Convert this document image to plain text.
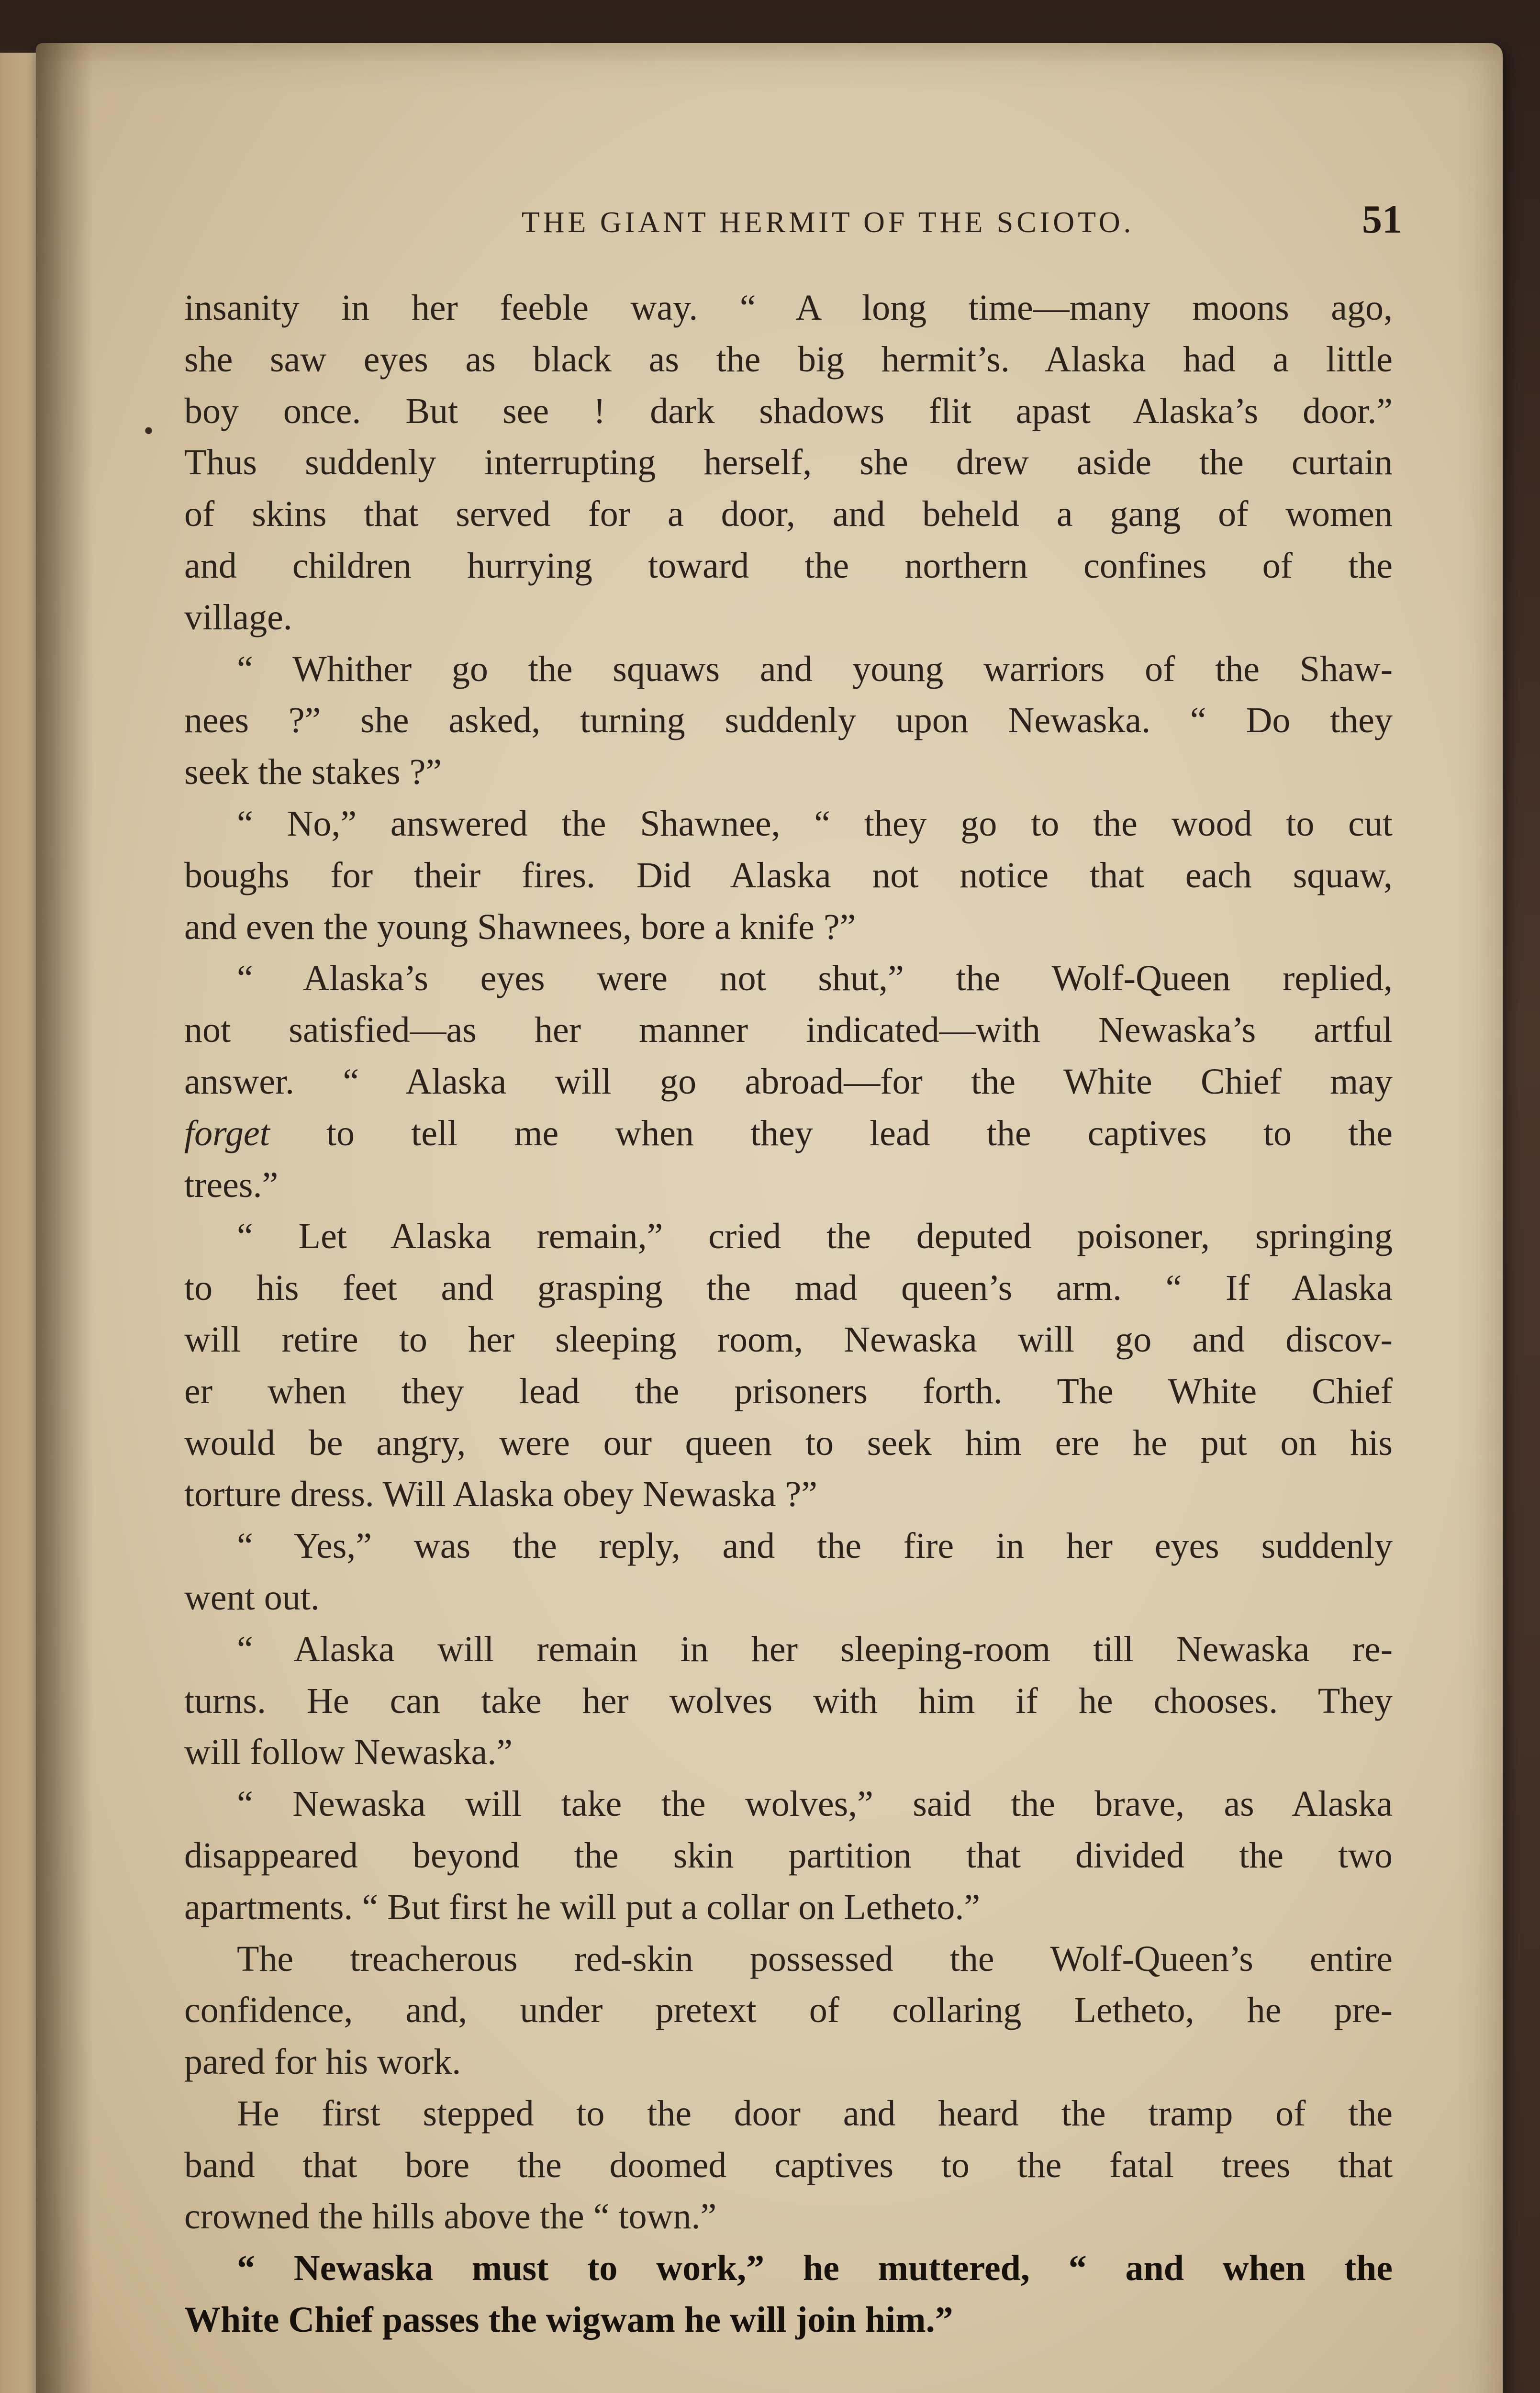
THE GIANT HERMIT OF THE SCIOTO.	51
•
insanity in her feeble way. “ A long time—many moons ago,
she saw eyes as black as the big hermit’s. Alaska had a little
boy once. But see ! dark shadows flit apast Alaska’s door.”
Thus suddenly interrupting herself, she drew aside the curtain
of skins that served for a door, and beheld a gang of women
and children hurrying toward the northern confines of the
village.
“ Whither go the squaws and young warriors of the Shaw-
nees ?” she asked, turning suddenly upon Newaska. “ Do they
seek the stakes ?”
“ No,” answered the Shawnee, “ they go to the wood to cut
boughs for their fires. Did Alaska not notice that each squaw,
and even the young Shawnees, bore a knife ?”
“ Alaska’s eyes were not shut,” the Wolf-Queen replied,
not satisfied—as her manner indicated—with Newaska’s artful
answer. “ Alaska will go abroad—for the White Chief may
forget to tell me when they lead the captives to the
trees.”
“ Let Alaska remain,” cried the deputed poisoner, springing
to his feet and grasping the mad queen’s arm. “ If Alaska
will retire to her sleeping room, Newaska will go and discov-
er when they lead the prisoners forth. The White Chief
would be angry, were our queen to seek him ere he put on his
torture dress. Will Alaska obey Newaska ?”
“ Yes,” was the reply, and the fire in her eyes suddenly
went out.
“ Alaska will remain in her sleeping-room till Newaska re-
turns. He can take her wolves with him if he chooses. They
will follow Newaska.”
“ Newaska will take the wolves,” said the brave, as Alaska
disappeared beyond the skin partition that divided the two
apartments. “ But first he will put a collar on Letheto.”
The treacherous red-skin possessed the Wolf-Queen’s entire
confidence, and, under pretext of collaring Letheto, he pre-
pared for his work.
He first stepped to the door and heard the tramp of the
band that bore the doomed captives to the fatal trees that
crowned the hills above the “ town.”
“ Newaska must to work,” he muttered, “ and when the
White Chief passes the wigwam he will join him.”
